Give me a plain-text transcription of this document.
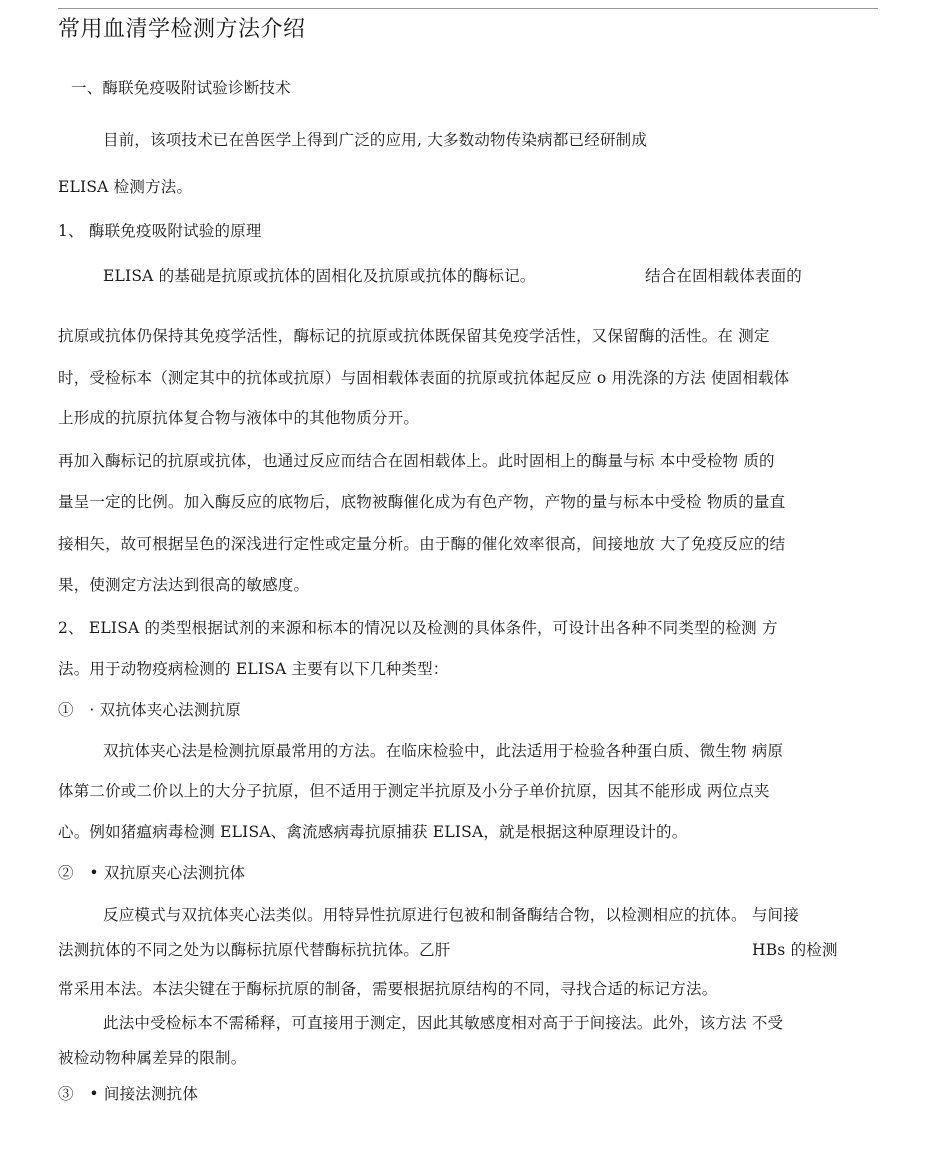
常用血清学检测方法介绍

一、酶联免疫吸附试验诊断技术

目前，该项技术已在兽医学上得到广泛的应用, 大多数动物传染病都已经研制成

ELISA 检测方法。

1、 酶联免疫吸附试验的原理

ELISA 的基础是抗原或抗体的固相化及抗原或抗体的酶标记。	结合在固相载体表面的

抗原或抗体仍保持其免疫学活性，酶标记的抗原或抗体既保留其免疫学活性，又保留酶的活性。在 测定

时，受检标本（测定其中的抗体或抗原）与固相载体表面的抗原或抗体起反应 o 用洗涤的方法 使固相载体

上形成的抗原抗体复合物与液体中的其他物质分开。

再加入酶标记的抗原或抗体，也通过反应而结合在固相载体上。此时固相上的酶量与标 本中受检物 质的

量呈一定的比例。加入酶反应的底物后，底物被酶催化成为有色产物，产物的量与标本中受检 物质的量直

接相矢，故可根据呈色的深浅进行定性或定量分析。由于酶的催化效率很高，间接地放 大了免疫反应的结

果，使测定方法达到很高的敏感度。

2、 ELISA 的类型根据试剂的来源和标本的情况以及检测的具体条件，可设计出各种不同类型的检测 方

法。用于动物疫病检测的 ELISA 主要有以下几种类型：

①　· 双抗体夹心法测抗原

双抗体夹心法是检测抗原最常用的方法。在临床检验中，此法适用于检验各种蛋白质、微生物 病原

体第二价或二价以上的大分子抗原，但不适用于测定半抗原及小分子单价抗原，因其不能形成 两位点夹

心。例如猪瘟病毒检测 ELISA、禽流感病毒抗原捕获 ELISA，就是根据这种原理设计的。

②　• 双抗原夹心法测抗体

反应模式与双抗体夹心法类似。用特异性抗原进行包被和制备酶结合物，以检测相应的抗体。 与间接

法测抗体的不同之处为以酶标抗原代替酶标抗抗体。乙肝	HBs 的检测

常采用本法。本法尖键在于酶标抗原的制备，需要根据抗原结构的不同，寻找合适的标记方法。

此法中受检标本不需稀释，可直接用于测定，因此其敏感度相对高于于间接法。此外，该方法 不受

被检动物种属差异的限制。

③　• 间接法测抗体
